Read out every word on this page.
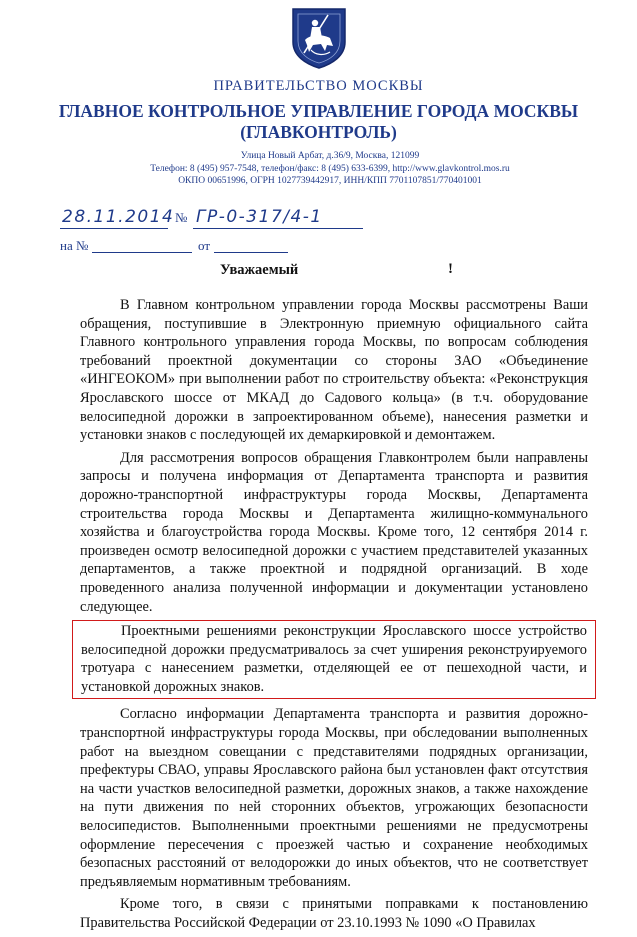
ПРАВИТЕЛЬСТВО МОСКВЫ
ГЛАВНОЕ КОНТРОЛЬНОЕ УПРАВЛЕНИЕ ГОРОДА МОСКВЫ
(ГЛАВКОНТРОЛЬ)
Улица Новый Арбат, д.36/9, Москва, 121099
Телефон: 8 (495) 957-7548, телефон/факс: 8 (495) 633-6399, http://www.glavkontrol.mos.ru
ОКПО 00651996, ОГРН 1027739442917, ИНН/КПП 7701107851/770401001
28.11.2014 № ГР-0-317/4-1
на №	от
Уважаемый	!

В Главном контрольном управлении города Москвы рассмотрены Ваши обращения, поступившие в Электронную приемную официального сайта Главного контрольного управления города Москвы, по вопросам соблюдения требований проектной документации со стороны ЗАО «Объединение «ИНГЕОКОМ» при выполнении работ по строительству объекта: «Реконструкция Ярославского шоссе от МКАД до Садового кольца» (в т.ч. оборудование велосипедной дорожки в запроектированном объеме), нанесения разметки и установки знаков с последующей их демаркировкой и демонтажем.

Для рассмотрения вопросов обращения Главконтролем были направлены запросы и получена информация от Департамента транспорта и развития дорожно-транспортной инфраструктуры города Москвы, Департамента строительства города Москвы и Департамента жилищно-коммунального хозяйства и благоустройства города Москвы. Кроме того, 12 сентября 2014 г. произведен осмотр велосипедной дорожки с участием представителей указанных департаментов, а также проектной и подрядной организаций. В ходе проведенного анализа полученной информации и документации установлено следующее.

Проектными решениями реконструкции Ярославского шоссе устройство велосипедной дорожки предусматривалось за счет уширения реконструируемого тротуара с нанесением разметки, отделяющей ее от пешеходной части, и установкой дорожных знаков.

Согласно информации Департамента транспорта и развития дорожно-транспортной инфраструктуры города Москвы, при обследовании выполненных работ на выездном совещании с представителями подрядных организации, префектуры СВАО, управы Ярославского района был установлен факт отсутствия на части участков велосипедной разметки, дорожных знаков, а также нахождение на пути движения по ней сторонних объектов, угрожающих безопасности велосипедистов. Выполненными проектными решениями не предусмотрены оформление пересечения с проезжей частью и сохранение необходимых безопасных расстояний от велодорожки до иных объектов, что не соответствует предъявляемым нормативным требованиям.

Кроме того, в связи с принятыми поправками к постановлению Правительства Российской Федерации от 23.10.1993 № 1090 «О Правилах
